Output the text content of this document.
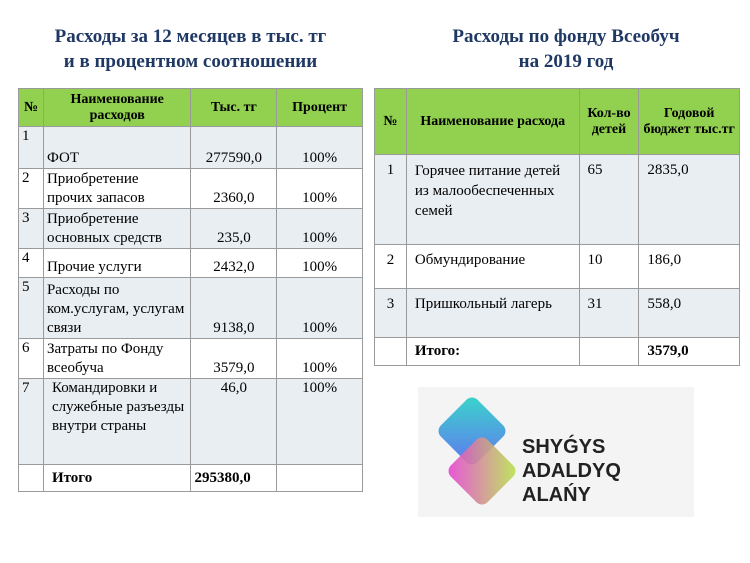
Расходы за 12 месяцев в тыс. тг
и в процентном соотношении
Расходы по фонду Всеобуч
на 2019 год
№	Наименование расходов	Тыс. тг	Процент
1	ФОТ	277590,0	100%
2	Приобретение прочих запасов	2360,0	100%
3	Приобретение основных средств	235,0	100%
4	Прочие услуги	2432,0	100%
5	Расходы по ком.услугам, услугам связи	9138,0	100%
6	Затраты по Фонду всеобуча	3579,0	100%
7	Командировки и служебные разъезды внутри страны	46,0	100%
	Итого	295380,0	
№	Наименование расхода	Кол-во детей	Годовой бюджет тыс.тг
1	Горячее питание детей из малообеспеченных семей	65	2835,0
2	Обмундирование	10	186,0
3	Пришкольный лагерь	31	558,0
	Итого:		3579,0
SHYǴYS
ADALDYQ ALAŃY
